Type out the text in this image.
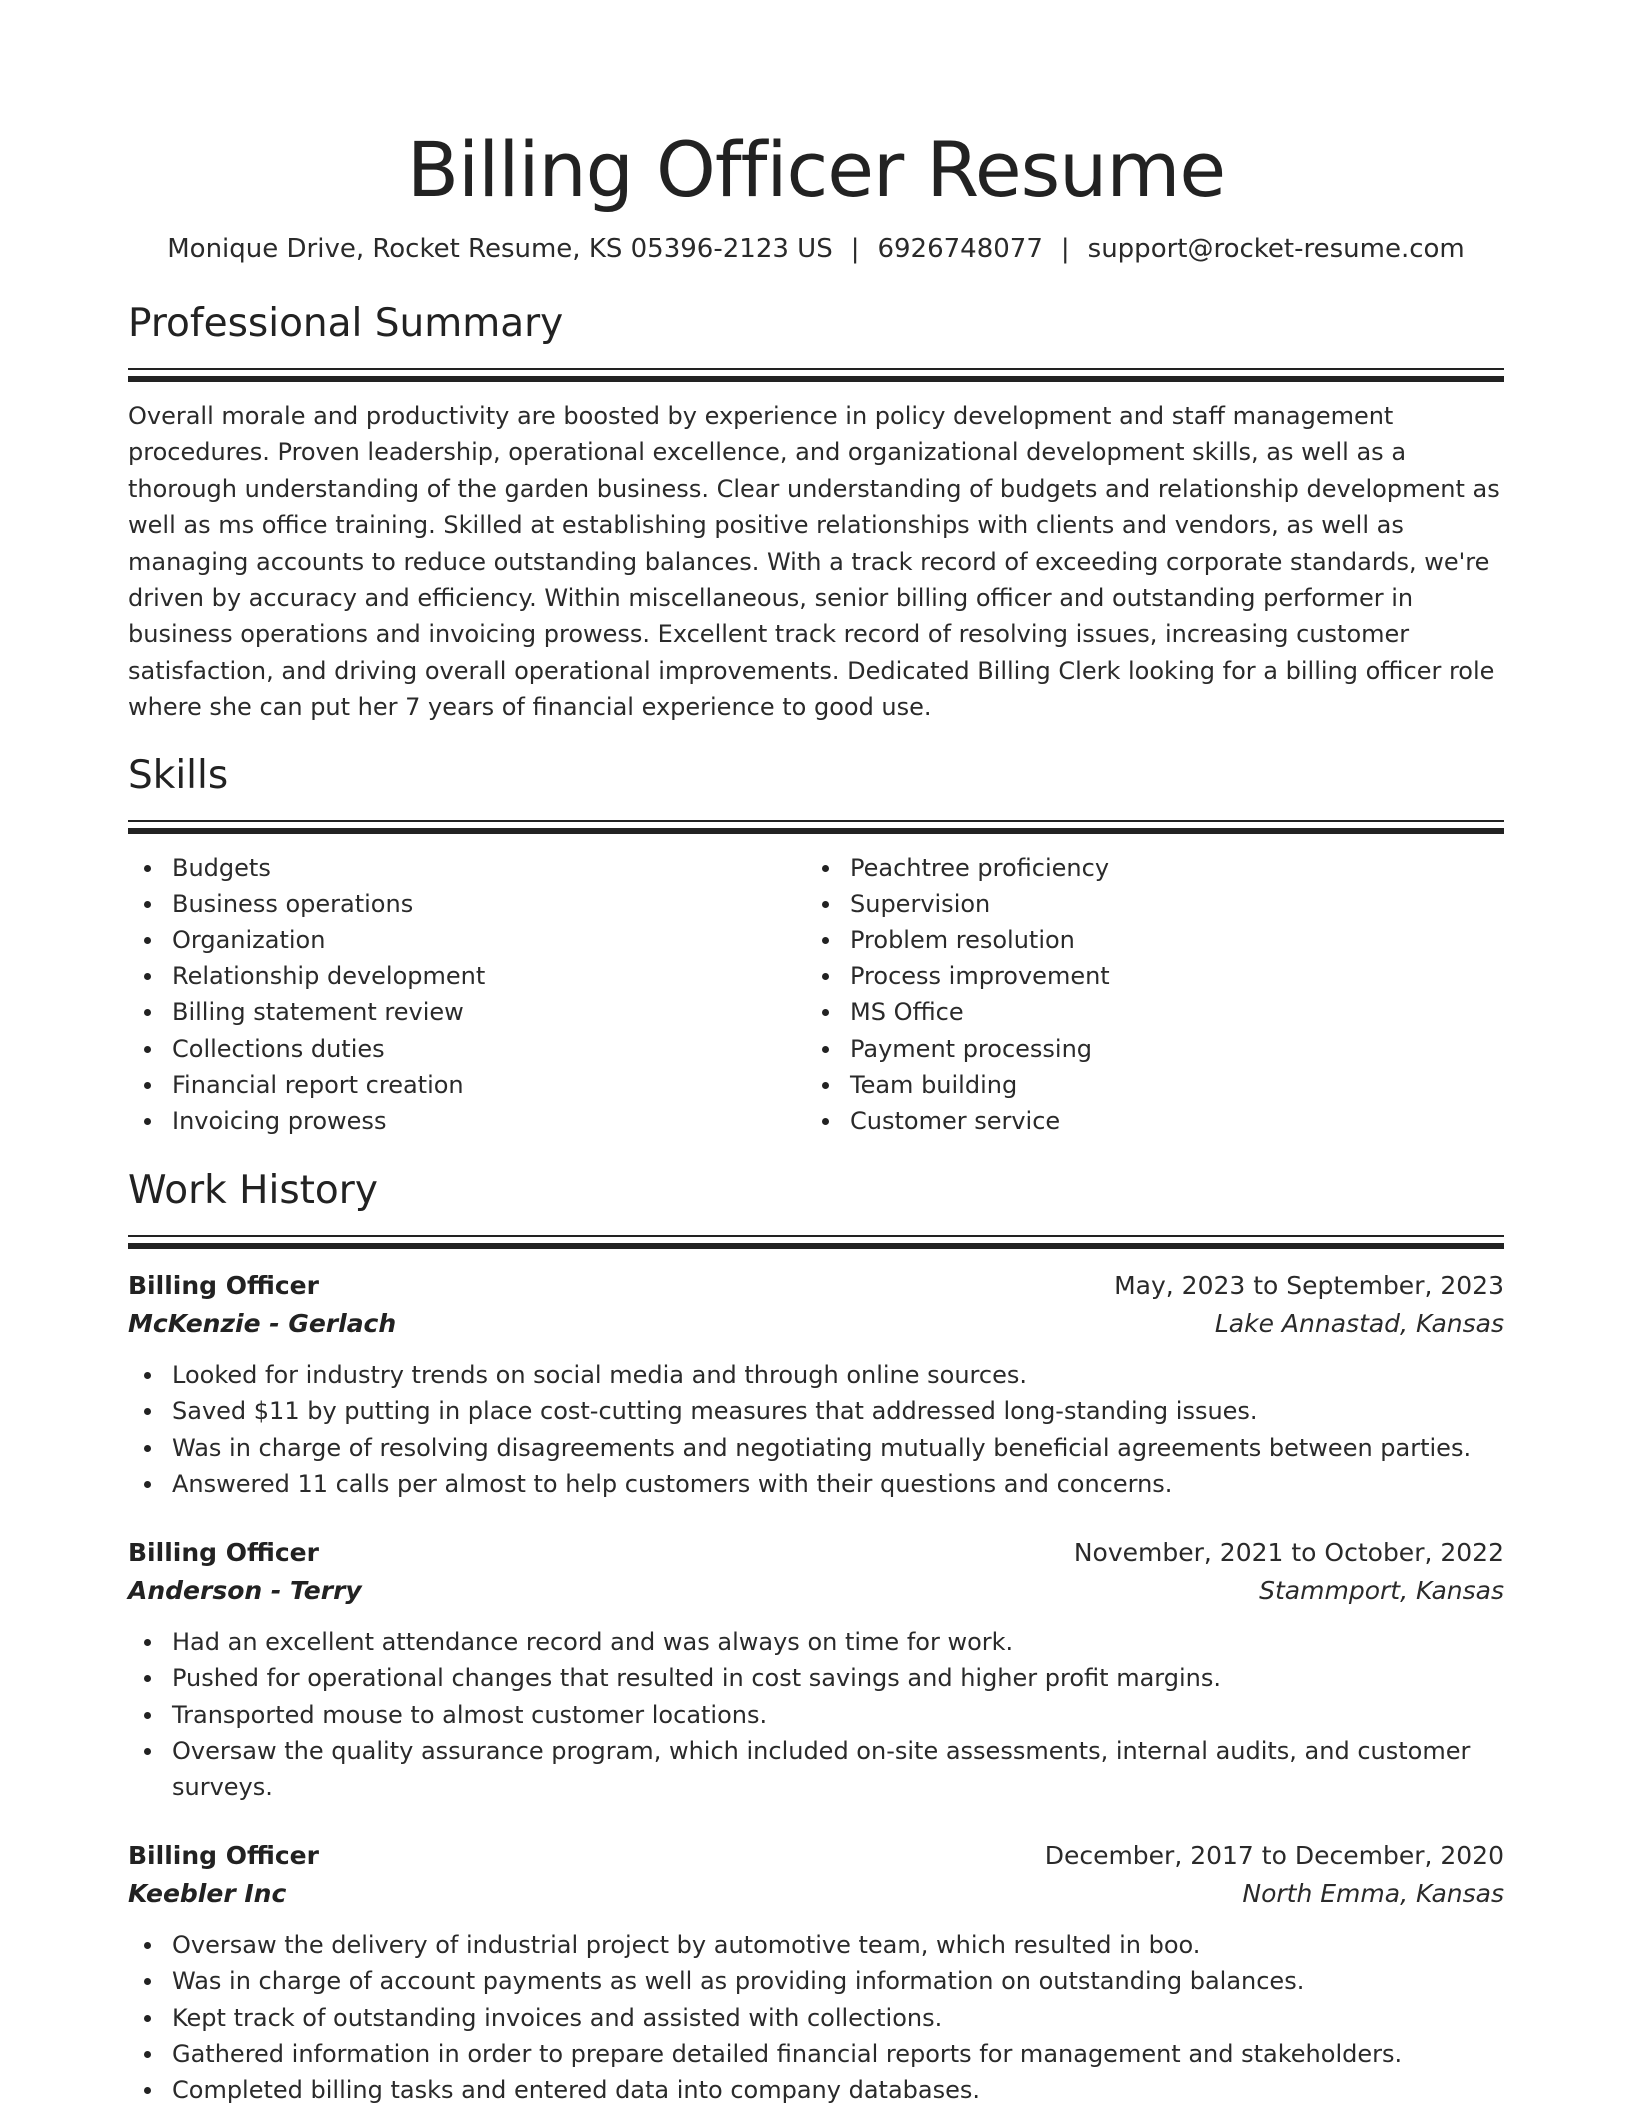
Billing Officer Resume
Monique Drive, Rocket Resume, KS 05396-2123 US | 6926748077 | support@rocket-resume.com
Professional Summary

Overall morale and productivity are boosted by experience in policy development and staff management procedures. Proven leadership, operational excellence, and organizational development skills, as well as a thorough understanding of the garden business. Clear understanding of budgets and relationship development as well as ms office training. Skilled at establishing positive relationships with clients and vendors, as well as managing accounts to reduce outstanding balances. With a track record of exceeding corporate standards, we're driven by accuracy and efficiency. Within miscellaneous, senior billing officer and outstanding performer in business operations and invoicing prowess. Excellent track record of resolving issues, increasing customer satisfaction, and driving overall operational improvements. Dedicated Billing Clerk looking for a billing officer role where she can put her 7 years of financial experience to good use.

Skills
Budgets
Business operations
Organization
Relationship development
Billing statement review
Collections duties
Financial report creation
Invoicing prowess
Peachtree proficiency
Supervision
Problem resolution
Process improvement
MS Office
Payment processing
Team building
Customer service
Work History
Billing Officer	May, 2023 to September, 2023
McKenzie - Gerlach	Lake Annastad, Kansas
Looked for industry trends on social media and through online sources.
Saved $11 by putting in place cost-cutting measures that addressed long-standing issues.
Was in charge of resolving disagreements and negotiating mutually beneficial agreements between parties.
Answered 11 calls per almost to help customers with their questions and concerns.
Billing Officer	November, 2021 to October, 2022
Anderson - Terry	Stammport, Kansas
Had an excellent attendance record and was always on time for work.
Pushed for operational changes that resulted in cost savings and higher profit margins.
Transported mouse to almost customer locations.
Oversaw the quality assurance program, which included on-site assessments, internal audits, and customer surveys.
Billing Officer	December, 2017 to December, 2020
Keebler Inc	North Emma, Kansas
Oversaw the delivery of industrial project by automotive team, which resulted in boo.
Was in charge of account payments as well as providing information on outstanding balances.
Kept track of outstanding invoices and assisted with collections.
Gathered information in order to prepare detailed financial reports for management and stakeholders.
Completed billing tasks and entered data into company databases.
